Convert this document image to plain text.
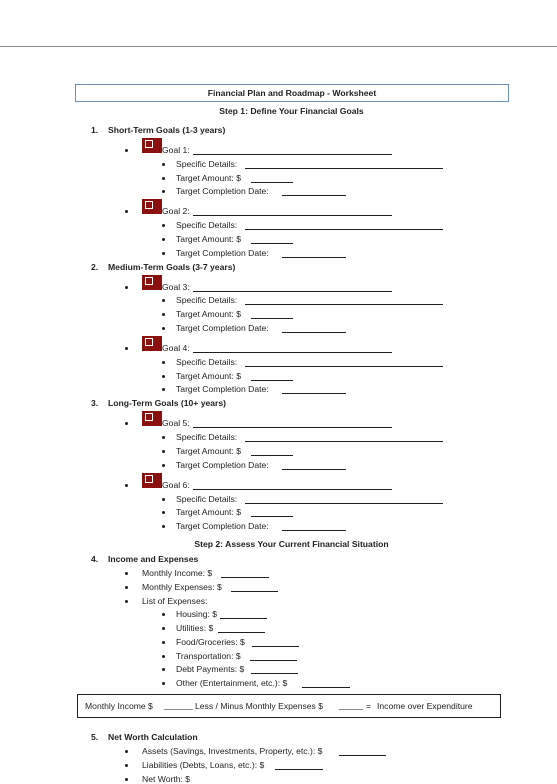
Financial Plan and Roadmap - Worksheet
Step 1: Define Your Financial Goals
1. Short-Term Goals (1-3 years)
Goal 1:
Specific Details:
Target Amount: $
Target Completion Date:
Goal 2:
Specific Details:
Target Amount: $
Target Completion Date:
2. Medium-Term Goals (3-7 years)
Goal 3:
Specific Details:
Target Amount: $
Target Completion Date:
Goal 4:
Specific Details:
Target Amount: $
Target Completion Date:
3. Long-Term Goals (10+ years)
Goal 5:
Specific Details:
Target Amount: $
Target Completion Date:
Goal 6:
Specific Details:
Target Amount: $
Target Completion Date:
Step 2: Assess Your Current Financial Situation
4. Income and Expenses
Monthly Income: $
Monthly Expenses: $
List of Expenses:
Housing: $
Utilities: $
Food/Groceries: $
Transportation: $
Debt Payments: $
Other (Entertainment, etc.): $
Monthly Income $ ______ Less / Minus Monthly Expenses $ _____ = Income over Expenditure
5. Net Worth Calculation
Assets (Savings, Investments, Property, etc.): $
Liabilities (Debts, Loans, etc.): $
Net Worth: $
